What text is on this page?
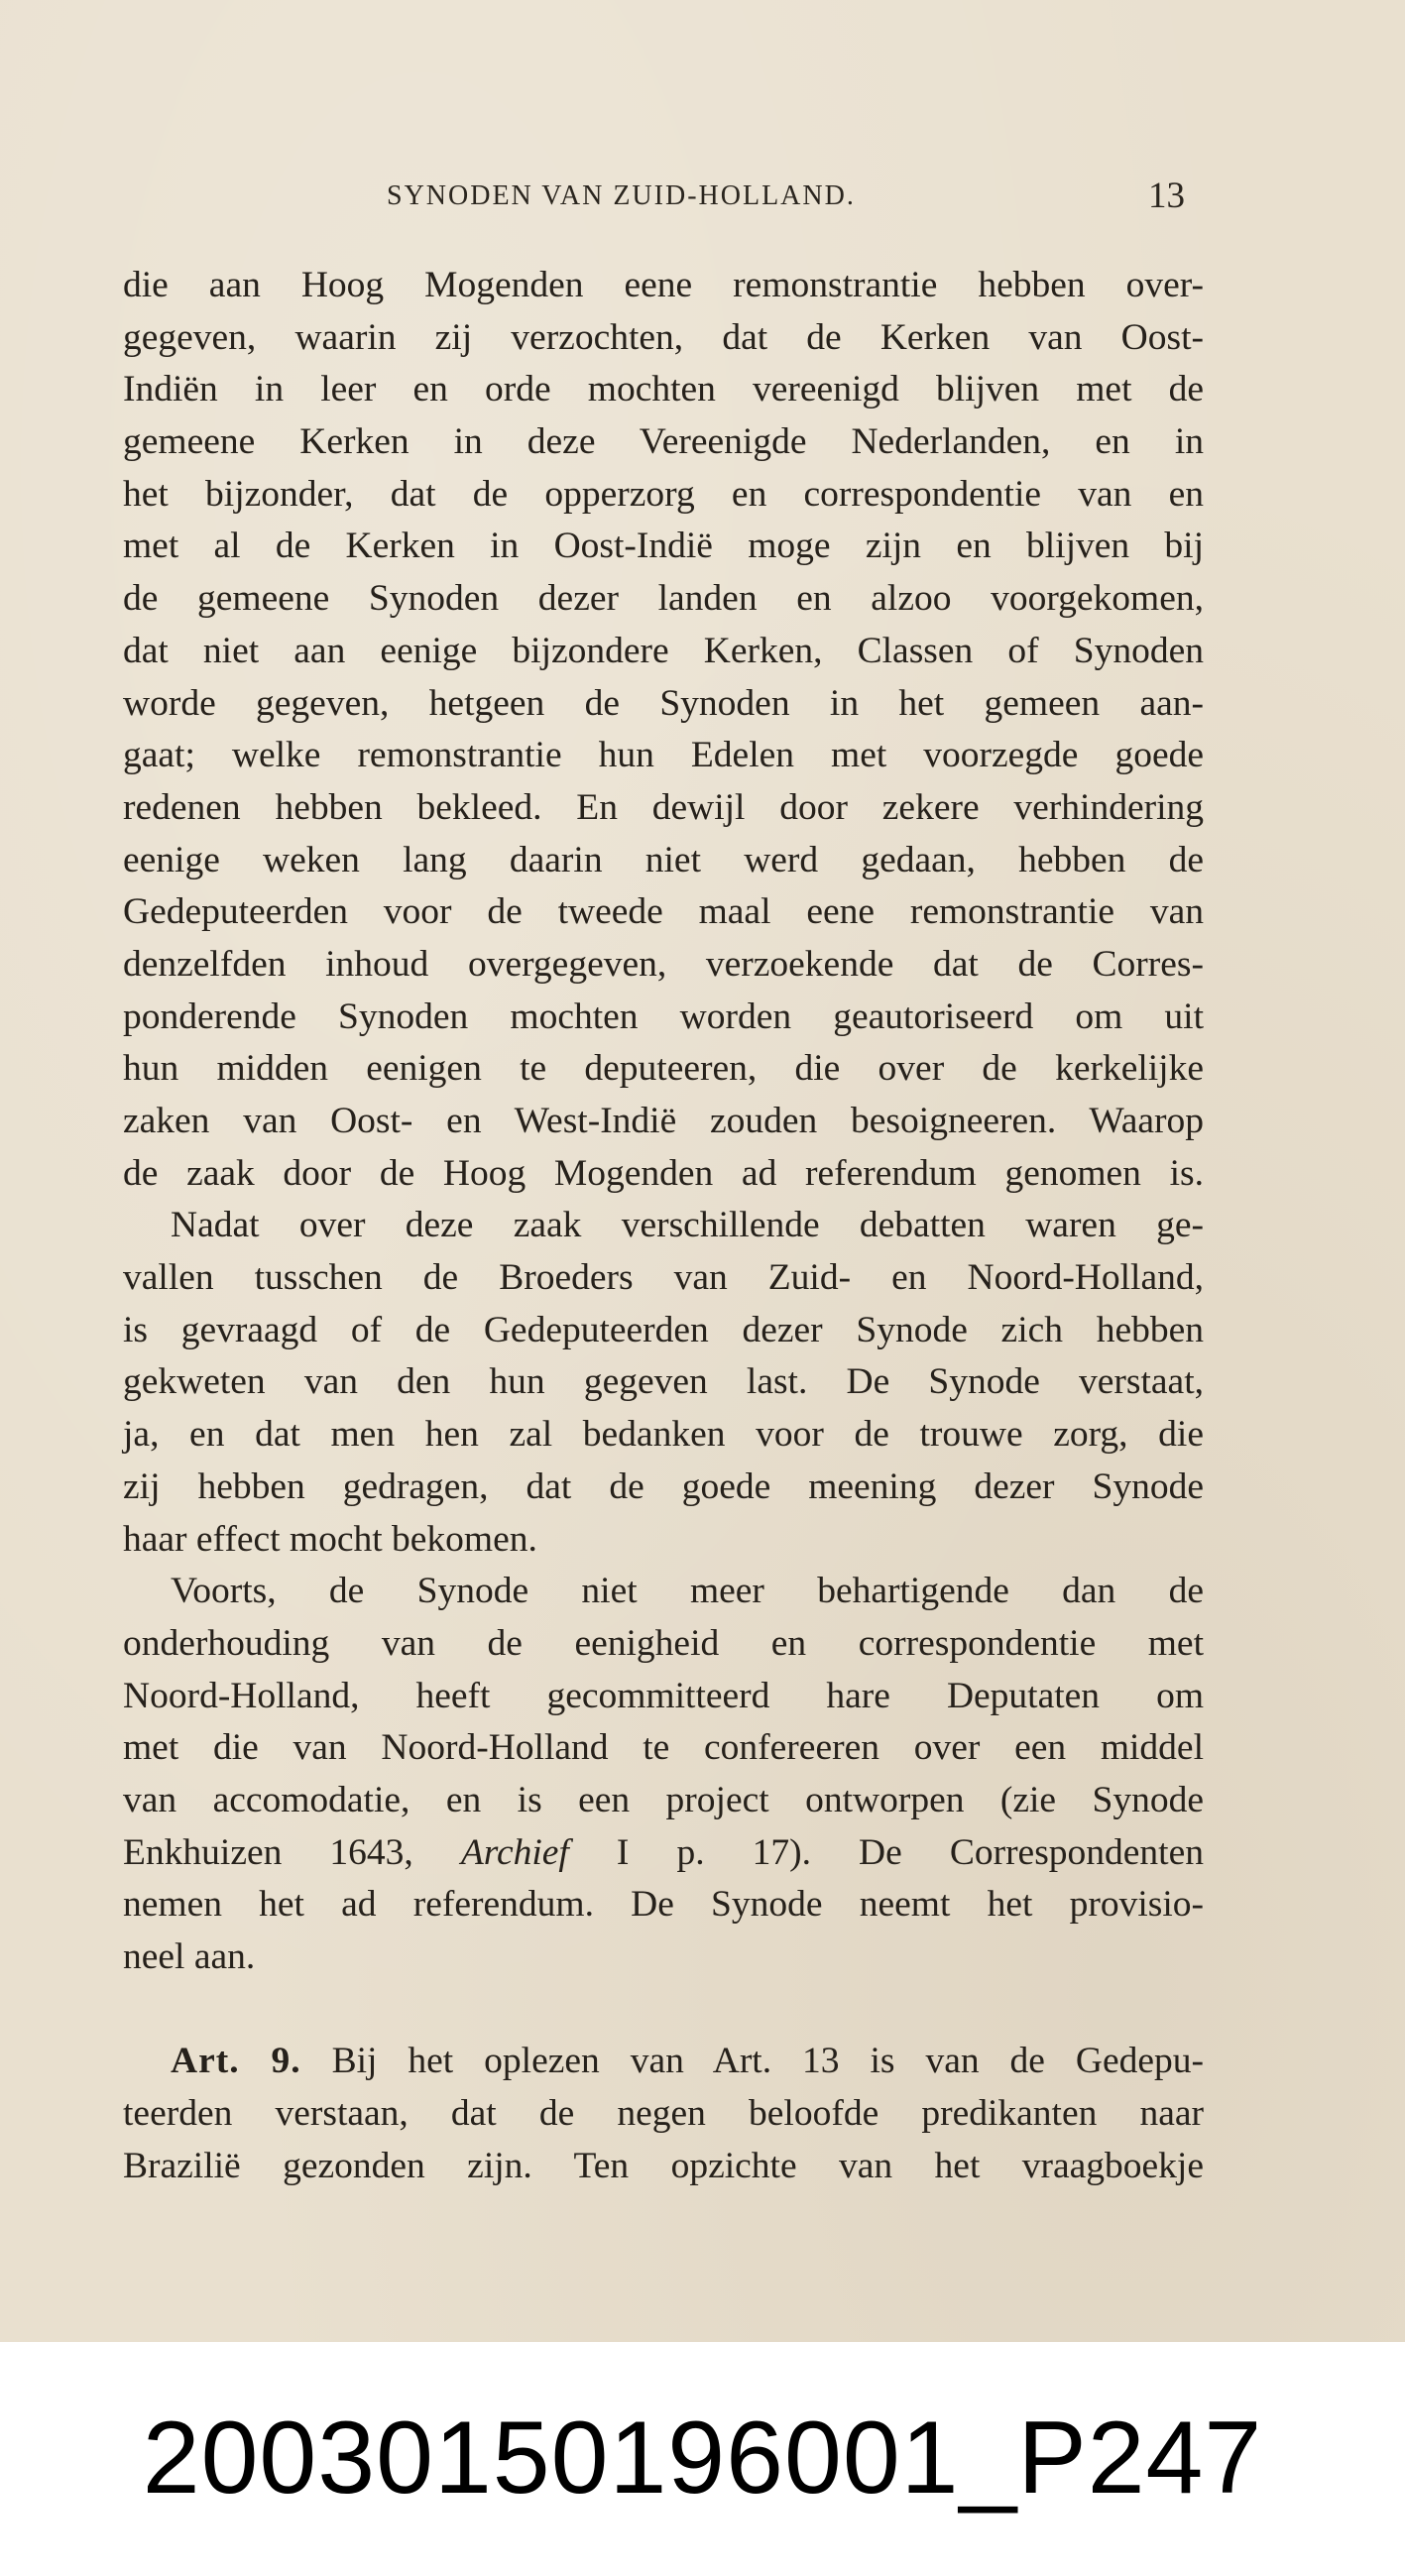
SYNODEN VAN ZUID-HOLLAND.	13
die aan Hoog Mogenden eene remonstrantie hebben over-
gegeven, waarin zij verzochten, dat de Kerken van Oost-
Indiën in leer en orde mochten vereenigd blijven met de
gemeene Kerken in deze Vereenigde Nederlanden, en in
het bijzonder, dat de opperzorg en correspondentie van en
met al de Kerken in Oost-Indië moge zijn en blijven bij
de gemeene Synoden dezer landen en alzoo voorgekomen,
dat niet aan eenige bijzondere Kerken, Classen of Synoden
worde gegeven, hetgeen de Synoden in het gemeen aan-
gaat; welke remonstrantie hun Edelen met voorzegde goede
redenen hebben bekleed. En dewijl door zekere verhindering
eenige weken lang daarin niet werd gedaan, hebben de
Gedeputeerden voor de tweede maal eene remonstrantie van
denzelfden inhoud overgegeven, verzoekende dat de Corres-
ponderende Synoden mochten worden geautoriseerd om uit
hun midden eenigen te deputeeren, die over de kerkelijke
zaken van Oost- en West-Indië zouden besoigneeren. Waarop
de zaak door de Hoog Mogenden ad referendum genomen is.
Nadat over deze zaak verschillende debatten waren ge-
vallen tusschen de Broeders van Zuid- en Noord-Holland,
is gevraagd of de Gedeputeerden dezer Synode zich hebben
gekweten van den hun gegeven last. De Synode verstaat,
ja, en dat men hen zal bedanken voor de trouwe zorg, die
zij hebben gedragen, dat de goede meening dezer Synode
haar effect mocht bekomen.
Voorts, de Synode niet meer behartigende dan de
onderhouding van de eenigheid en correspondentie met
Noord-Holland, heeft gecommitteerd hare Deputaten om
met die van Noord-Holland te confereeren over een middel
van accomodatie, en is een project ontworpen (zie Synode
Enkhuizen 1643, Archief I p. 17). De Correspondenten
nemen het ad referendum. De Synode neemt het provisio-
neel aan.
Art. 9. Bij het oplezen van Art. 13 is van de Gedepu-
teerden verstaan, dat de negen beloofde predikanten naar
Brazilië gezonden zijn. Ten opzichte van het vraagboekje
20030150196001_P247
